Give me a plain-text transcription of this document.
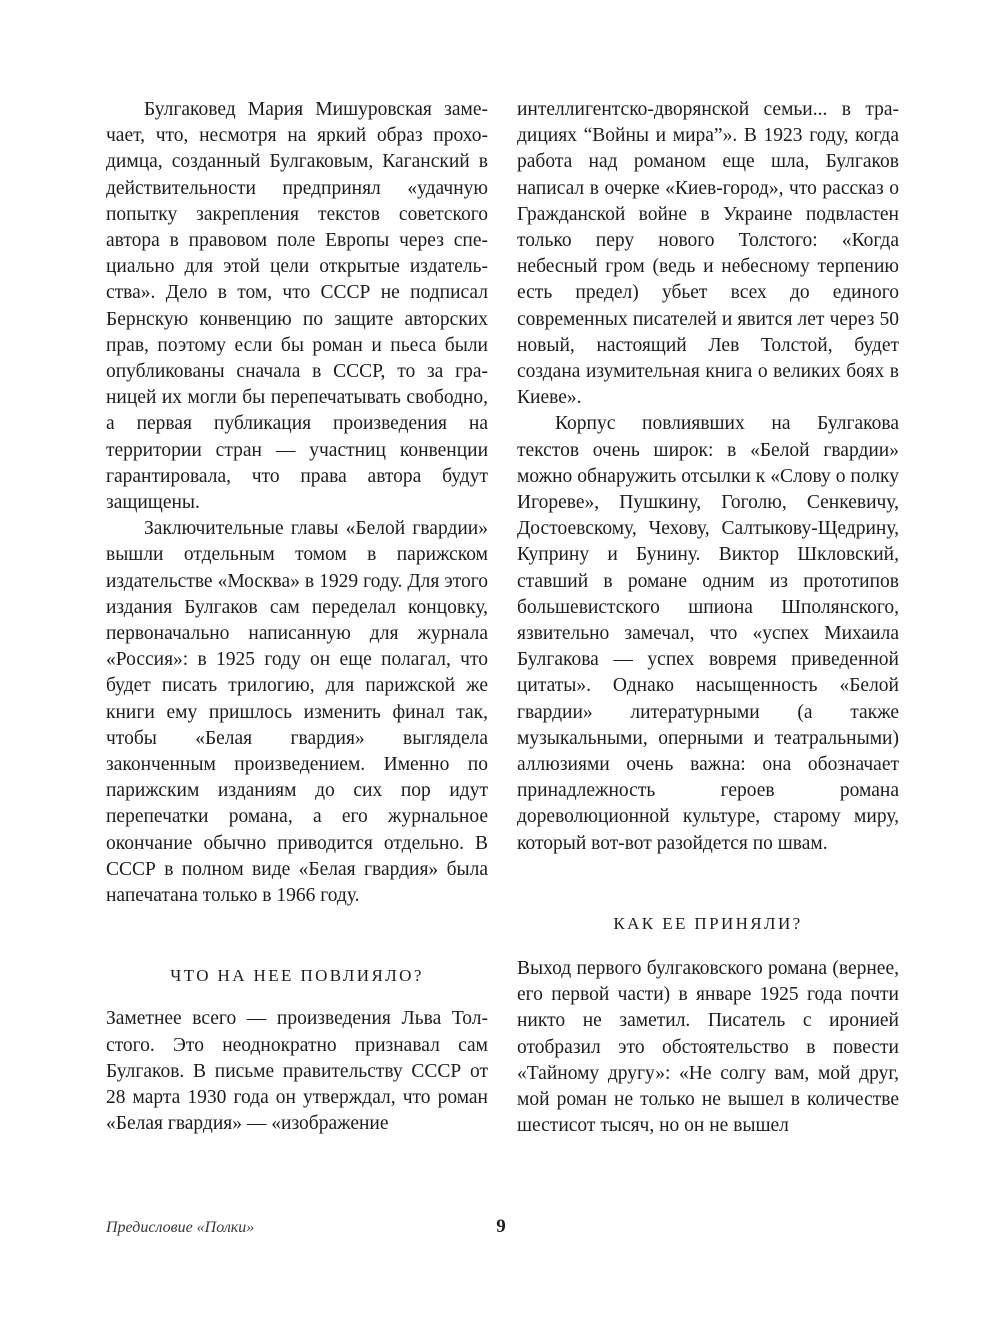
Булгаковед Мария Мишуровская замечает, что, несмотря на яркий образ проходимца, созданный Булгаковым, Каганский в действительности предпринял «удачную попытку закрепления текстов советского автора в правовом поле Европы через специально для этой цели открытые издательства». Дело в том, что СССР не подписал Бернскую конвенцию по защите авторских прав, поэтому если бы роман и пьеса были опубликованы сначала в СССР, то за границей их могли бы перепечатывать свободно, а первая публикация произведения на территории стран — участниц конвенции гарантировала, что права автора будут защищены.

Заключительные главы «Белой гвардии» вышли отдельным томом в парижском издательстве «Москва» в 1929 году. Для этого издания Булгаков сам переделал концовку, первоначально написанную для журнала «Россия»: в 1925 году он еще полагал, что будет писать трилогию, для парижской же книги ему пришлось изменить финал так, чтобы «Белая гвардия» выглядела законченным произведением. Именно по парижским изданиям до сих пор идут перепечатки романа, а его журнальное окончание обычно приводится отдельно. В СССР в полном виде «Белая гвардия» была напечатана только в 1966 году.

ЧТО НА НЕЕ ПОВЛИЯЛО?

Заметнее всего — произведения Льва Толстого. Это неоднократно признавал сам Булгаков. В письме правительству СССР от 28 марта 1930 года он утверждал, что роман «Белая гвардия» — «изображение

интеллигентско-дворянской семьи... в традициях “Войны и мира”». В 1923 году, когда работа над романом еще шла, Булгаков написал в очерке «Киев-город», что рассказ о Гражданской войне в Украине подвластен только перу нового Толстого: «Когда небесный гром (ведь и небесному терпению есть предел) убьет всех до единого современных писателей и явится лет через 50 новый, настоящий Лев Толстой, будет создана изумительная книга о великих боях в Киеве».

Корпус повлиявших на Булгакова текстов очень широк: в «Белой гвардии» можно обнаружить отсылки к «Слову о полку Игореве», Пушкину, Гоголю, Сенкевичу, Достоевскому, Чехову, Салтыкову-Щедрину, Куприну и Бунину. Виктор Шкловский, ставший в романе одним из прототипов большевистского шпиона Шполянского, язвительно замечал, что «успех Михаила Булгакова — успех вовремя приведенной цитаты». Однако насыщенность «Белой гвардии» литературными (а также музыкальными, оперными и театральными) аллюзиями очень важна: она обозначает принадлежность героев романа дореволюционной культуре, старому миру, который вот-вот разойдется по швам.

КАК ЕЕ ПРИНЯЛИ?

Выход первого булгаковского романа (вернее, его первой части) в январе 1925 года почти никто не заметил. Писатель с иронией отобразил это обстоятельство в повести «Тайному другу»: «Не солгу вам, мой друг, мой роман не только не вышел в количестве шестисот тысяч, но он не вышел

Предисловие «Полки»	9
